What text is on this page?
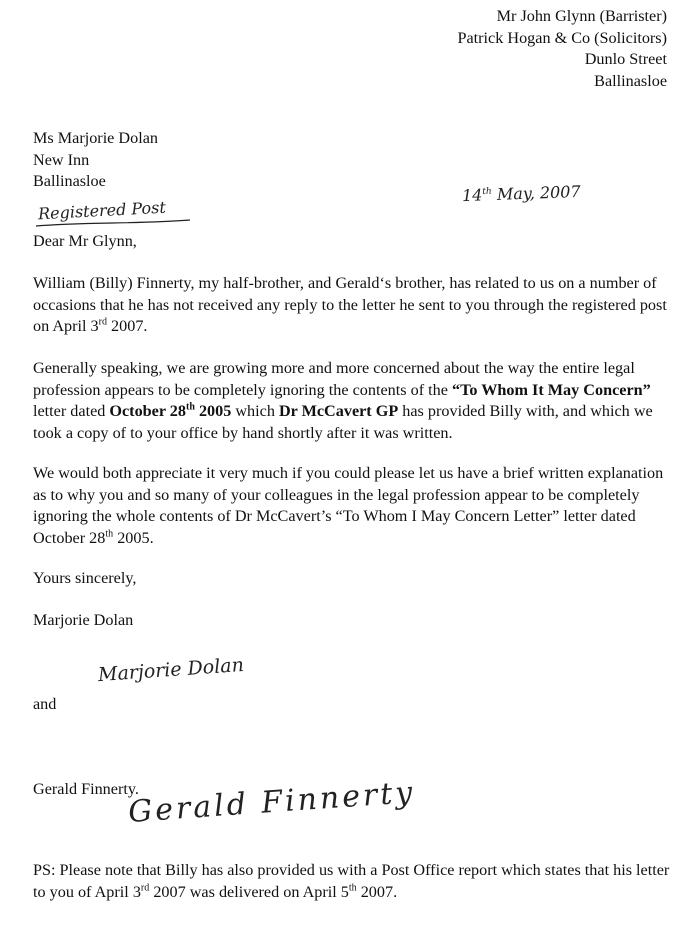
Mr John Glynn (Barrister)
Patrick Hogan & Co (Solicitors)
Dunlo Street
Ballinasloe
Ms Marjorie Dolan
New Inn
Ballinasloe
14th May, 2007
Registered Post
Dear Mr Glynn,
William (Billy) Finnerty, my half-brother, and Gerald‘s brother, has related to us on a number of occasions that he has not received any reply to the letter he sent to you through the registered post on April 3rd 2007.
Generally speaking, we are growing more and more concerned about the way the entire legal profession appears to be completely ignoring the contents of the “To Whom It May Concern” letter dated October 28th 2005 which Dr McCavert GP has provided Billy with, and which we took a copy of to your office by hand shortly after it was written.
We would both appreciate it very much if you could please let us have a brief written explanation as to why you and so many of your colleagues in the legal profession appear to be completely ignoring the whole contents of Dr McCavert’s “To Whom I May Concern Letter” letter dated October 28th 2005.
Yours sincerely,
Marjorie Dolan
Marjorie Dolan
and
Gerald Finnerty.
Gerald Finnerty
PS: Please note that Billy has also provided us with a Post Office report which states that his letter to you of April 3rd 2007 was delivered on April 5th 2007.
